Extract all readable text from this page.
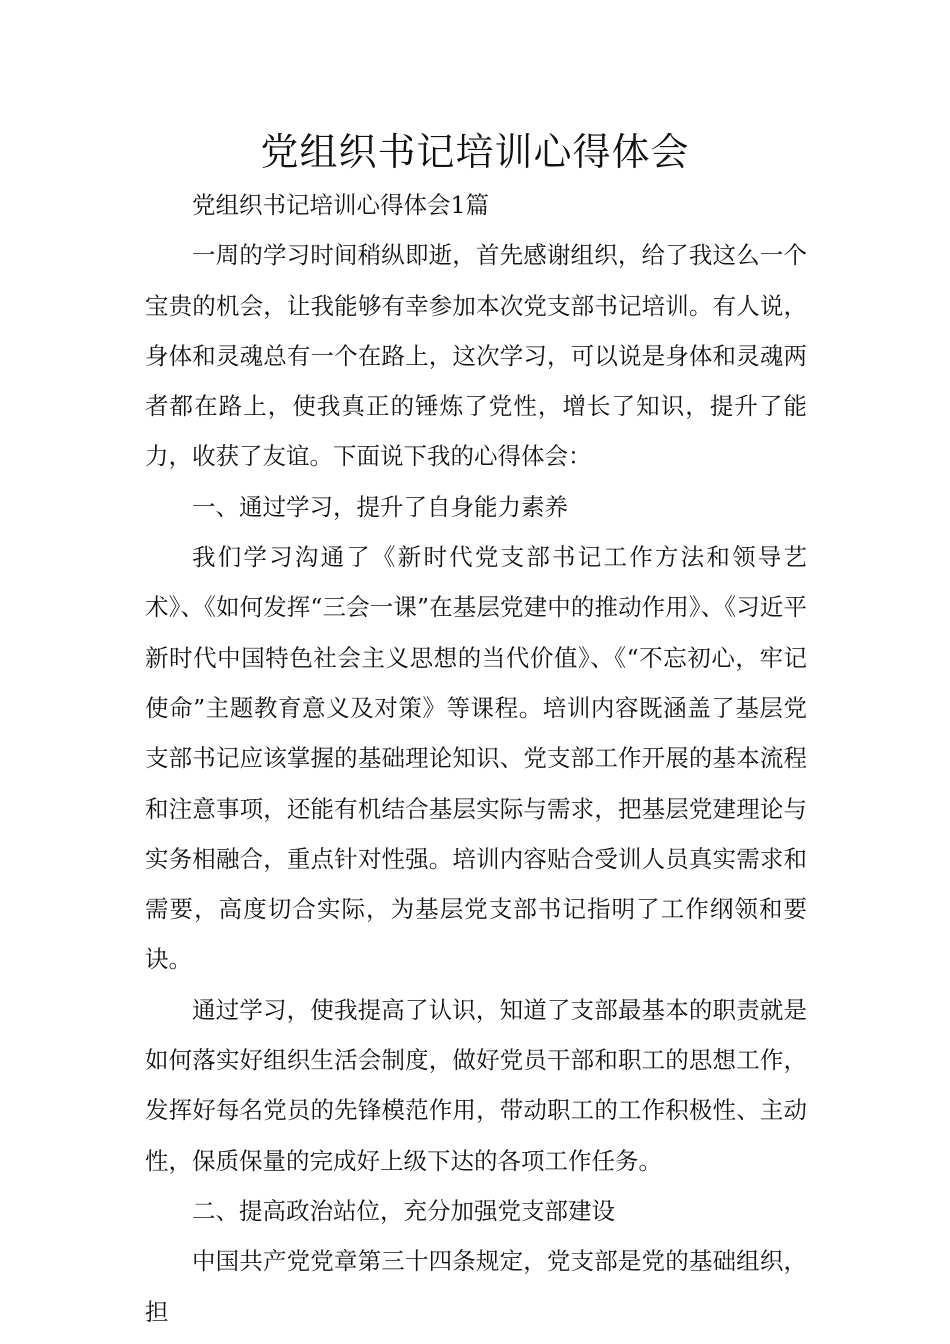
党组织书记培训心得体会

党组织书记培训心得体会1篇

一周的学习时间稍纵即逝，首先感谢组织，给了我这么一个宝贵的机会，让我能够有幸参加本次党支部书记培训。有人说，身体和灵魂总有一个在路上，这次学习，可以说是身体和灵魂两者都在路上，使我真正的锤炼了党性，增长了知识，提升了能力，收获了友谊。下面说下我的心得体会：

一、通过学习，提升了自身能力素养

我们学习沟通了《新时代党支部书记工作方法和领导艺术》、《如何发挥“三会一课”在基层党建中的推动作用》、《习近平新时代中国特色社会主义思想的当代价值》、《“不忘初心，牢记使命”主题教育意义及对策》等课程。培训内容既涵盖了基层党支部书记应该掌握的基础理论知识、党支部工作开展的基本流程和注意事项，还能有机结合基层实际与需求，把基层党建理论与实务相融合，重点针对性强。培训内容贴合受训人员真实需求和需要，高度切合实际，为基层党支部书记指明了工作纲领和要诀。

通过学习，使我提高了认识，知道了支部最基本的职责就是如何落实好组织生活会制度，做好党员干部和职工的思想工作，发挥好每名党员的先锋模范作用，带动职工的工作积极性、主动性，保质保量的完成好上级下达的各项工作任务。

二、提高政治站位，充分加强党支部建设

中国共产党党章第三十四条规定，党支部是党的基础组织，担
